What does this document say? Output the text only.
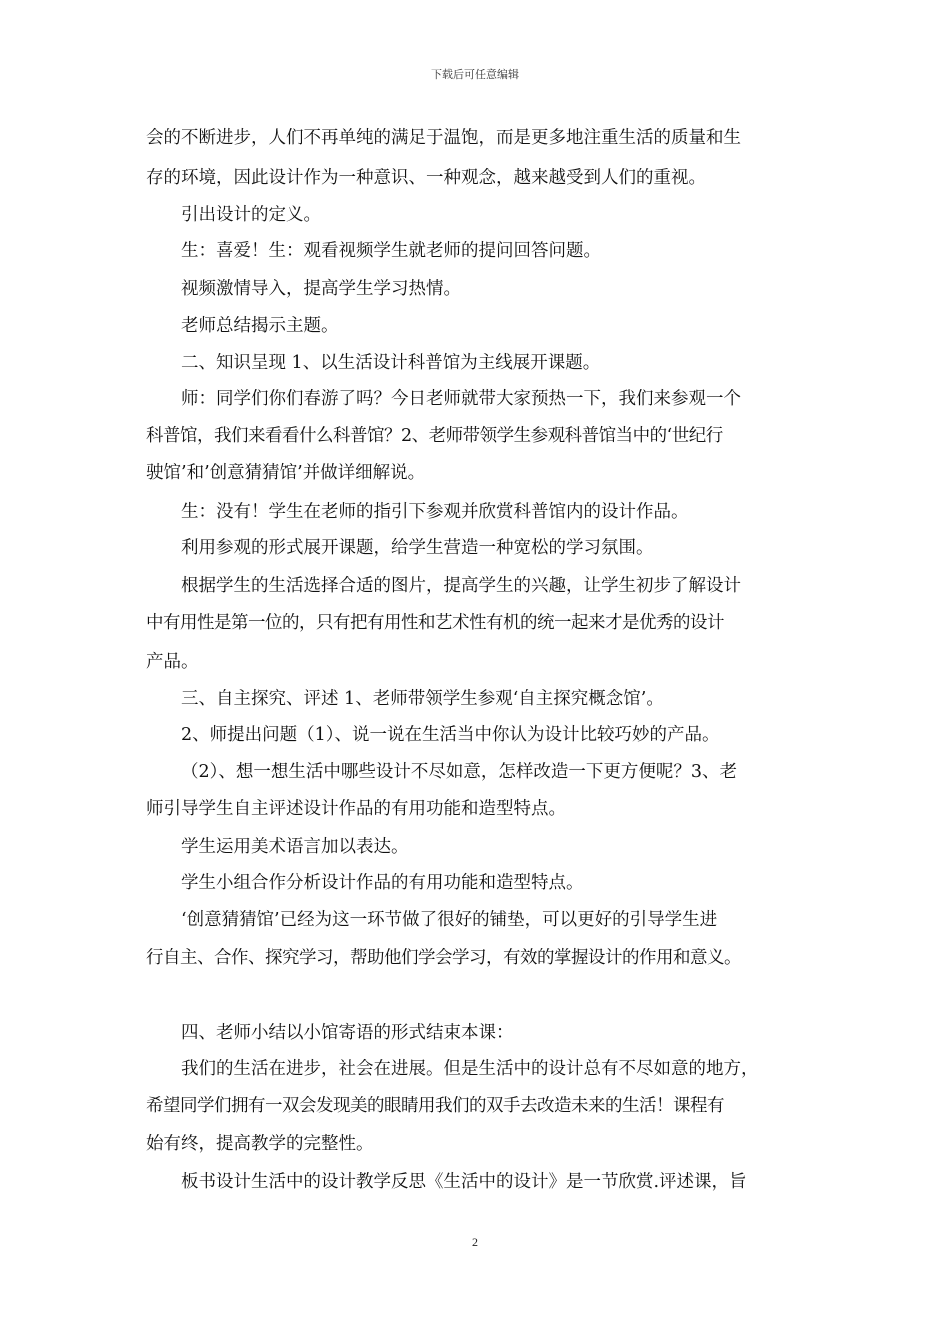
下载后可任意编辑
会的不断进步，人们不再单纯的满足于温饱，而是更多地注重生活的质量和生
存的环境，因此设计作为一种意识、一种观念，越来越受到人们的重视。
引出设计的定义。
生：喜爱！生：观看视频学生就老师的提问回答问题。
视频激情导入，提高学生学习热情。
老师总结揭示主题。
二、知识呈现 1、以生活设计科普馆为主线展开课题。
师：同学们你们春游了吗？今日老师就带大家预热一下，我们来参观一个
科普馆，我们来看看什么科普馆？2、老师带领学生参观科普馆当中的‘世纪行
驶馆’和’创意猜猜馆’并做详细解说。
生：没有！学生在老师的指引下参观并欣赏科普馆内的设计作品。
利用参观的形式展开课题，给学生营造一种宽松的学习氛围。
根据学生的生活选择合适的图片，提高学生的兴趣，让学生初步了解设计
中有用性是第一位的，只有把有用性和艺术性有机的统一起来才是优秀的设计
产品。
三、自主探究、评述 1、老师带领学生参观‘自主探究概念馆’。
2、师提出问题（1）、说一说在生活当中你认为设计比较巧妙的产品。
（2）、想一想生活中哪些设计不尽如意，怎样改造一下更方便呢？3、老
师引导学生自主评述设计作品的有用功能和造型特点。
学生运用美术语言加以表达。
学生小组合作分析设计作品的有用功能和造型特点。
‘创意猜猜馆’已经为这一环节做了很好的铺垫，可以更好的引导学生进
行自主、合作、探究学习，帮助他们学会学习，有效的掌握设计的作用和意义。
四、老师小结以小馆寄语的形式结束本课：
我们的生活在进步，社会在进展。但是生活中的设计总有不尽如意的地方，
希望同学们拥有一双会发现美的眼睛用我们的双手去改造未来的生活！课程有
始有终，提高教学的完整性。
板书设计生活中的设计教学反思《生活中的设计》是一节欣赏.评述课，旨
2
